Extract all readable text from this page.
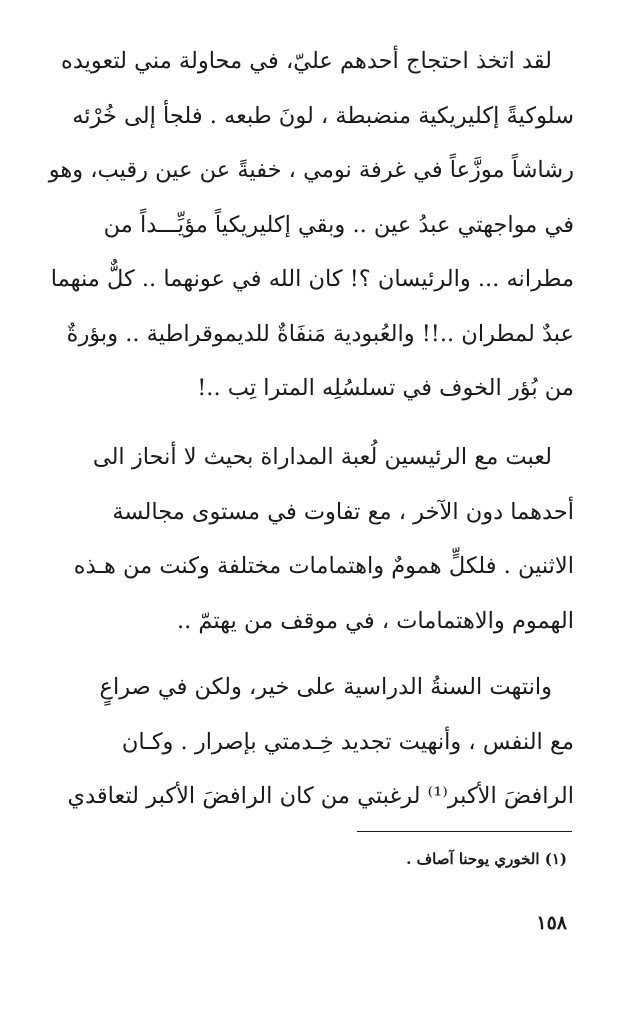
لقد اتخذ احتجاج أحدهم عليّ، في محاولة مني لتعويده
سلوكيةً إكليريكية منضبطة ، لونَ طبعه . فلجأ إلى خُرْئه
رشاشاً موزَّعاً في غرفة نومي ، خفيةً عن عين رقيب، وهو
في مواجهتي عبدُ عين .. وبقي إكليريكياً مؤيِّـــداً من
مطرانه ... والرئيسان ؟! كان الله في عونهما .. كلٌّ منهما
عبدٌ لمطران ..!! والعُبودية مَنفَاةٌ للديموقراطية .. وبؤرةٌ
من بُؤر الخوف في تسلسُلِه المترا تِب ..!
لعبت مع الرئيسين لُعبة المداراة بحيث لا أنحاز الى
أحدهما دون الآخر ، مع تفاوت في مستوى مجالسة
الاثنين . فلكلٍّ همومٌ واهتمامات مختلفة وكنت من هـذه
الهموم والاهتمامات ، في موقف من يهتمّ ..
وانتهت السنةُ الدراسية على خير، ولكن في صراعٍ
مع النفس ، وأنهيت تجديد خِـدمتي بإصرار . وكـان
الرافضَ الأكبر⁽¹⁾ لرغبتي من كان الرافضَ الأكبر لتعاقدي
(١) الخوري يوحنا آصاف .
١٥٨
